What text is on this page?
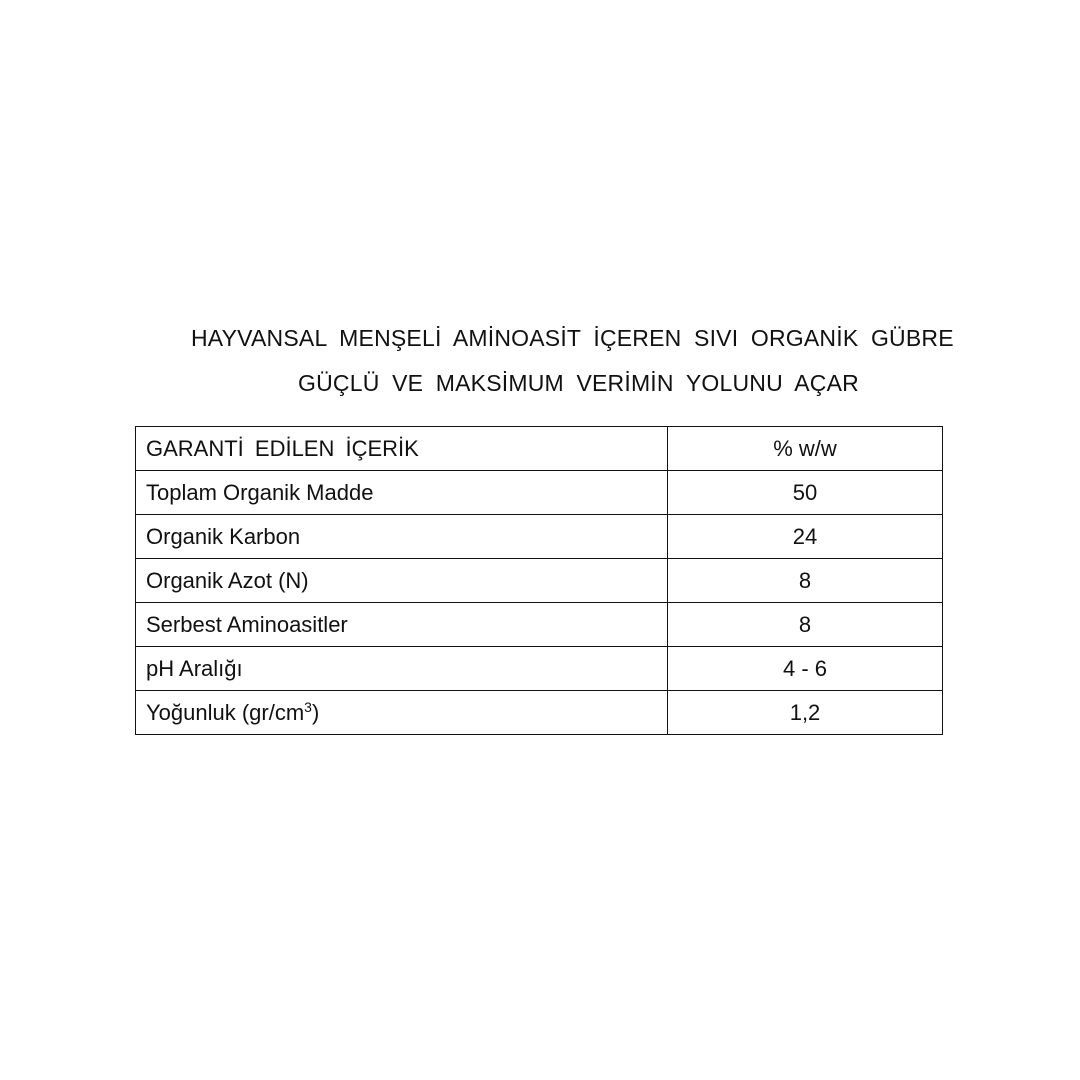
HAYVANSAL MENŞELİ AMİNOASİT İÇEREN SIVI ORGANİK GÜBRE
GÜÇLÜ VE MAKSİMUM VERİMİN YOLUNU AÇAR
GARANTİ EDİLEN İÇERİK	% w/w
Toplam Organik Madde	50
Organik Karbon	24
Organik Azot (N)	8
Serbest Aminoasitler	8
pH Aralığı	4 - 6
Yoğunluk $(gr/cm^3)$	1,2
